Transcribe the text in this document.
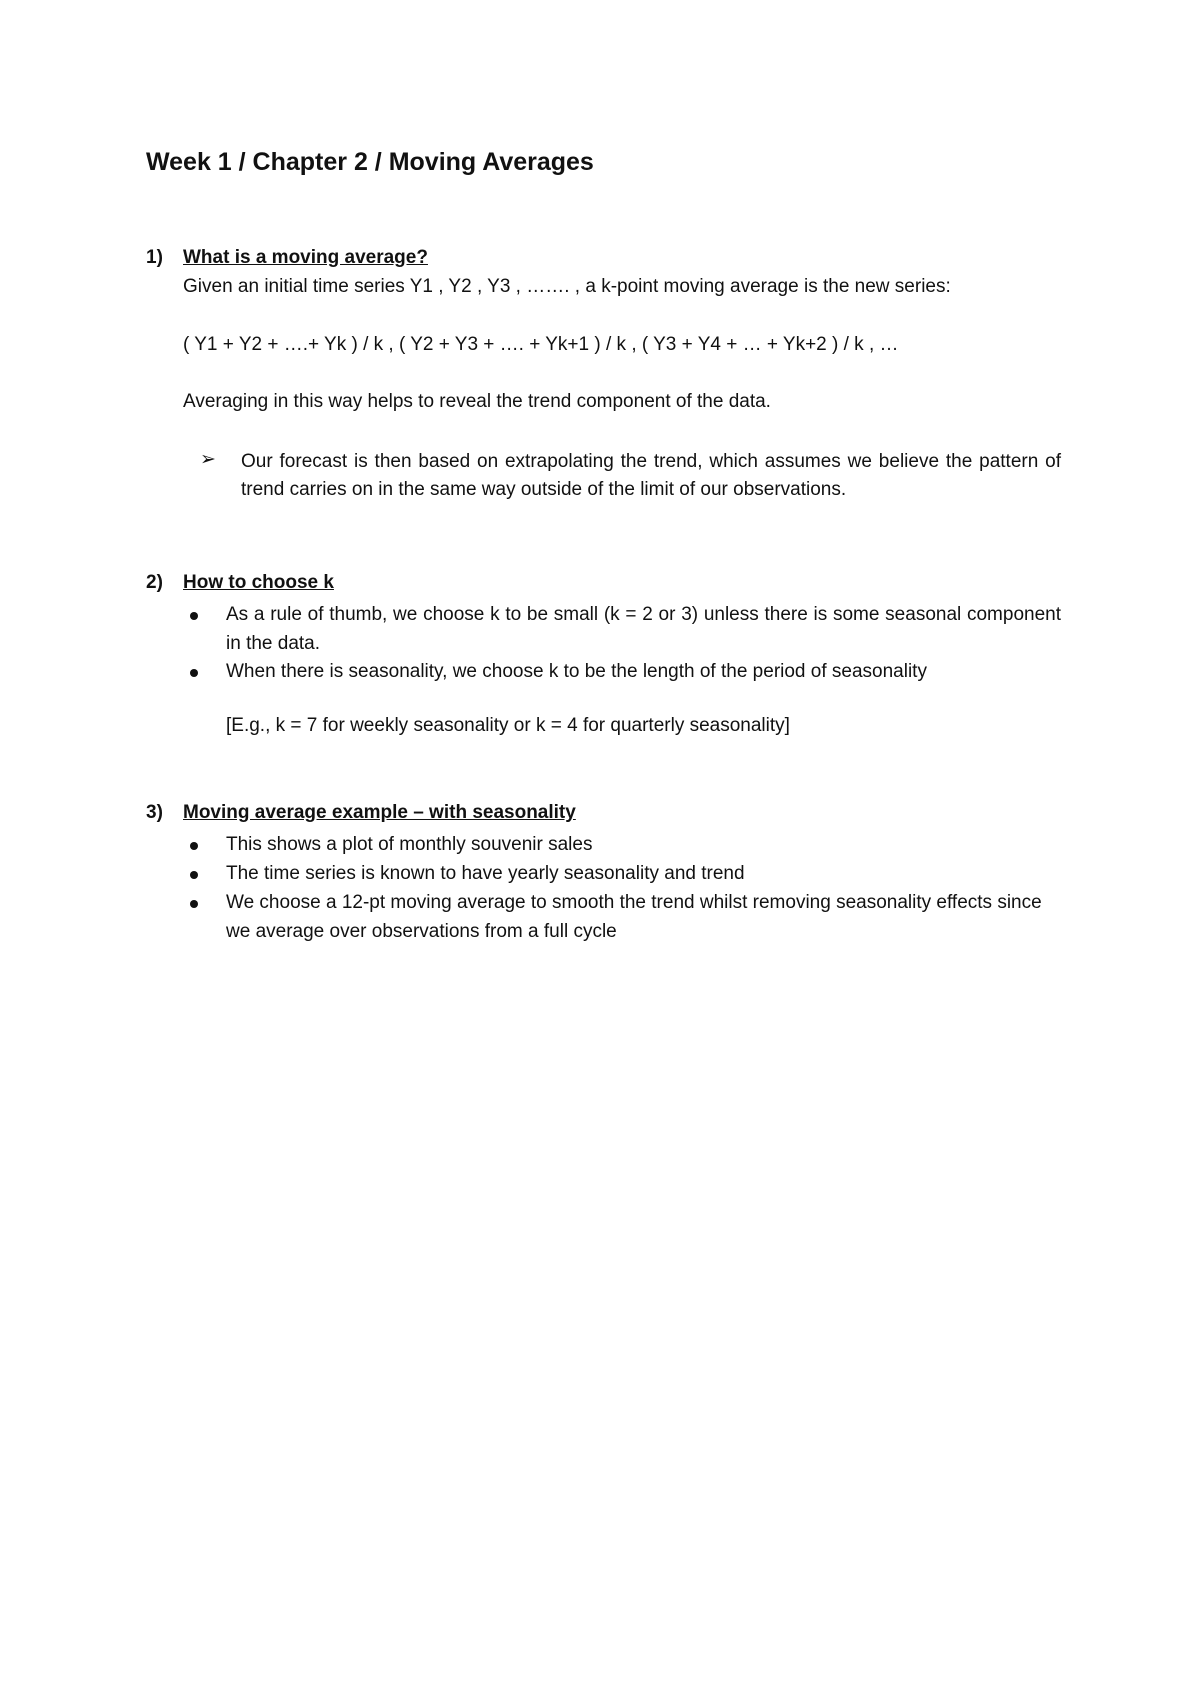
Week 1 / Chapter 2 / Moving Averages
1) What is a moving average?
Given an initial time series Y1 , Y2 , Y3 , ……. , a k-point moving average is the new series:
( Y1 + Y2 + ….+ Yk ) / k , ( Y2 + Y3 + …. + Yk+1 ) / k , ( Y3 + Y4 + … + Yk+2 ) / k , …
Averaging in this way helps to reveal the trend component of the data.
➢ Our forecast is then based on extrapolating the trend, which assumes we believe the pattern of trend carries on in the same way outside of the limit of our observations.
2) How to choose k
As a rule of thumb, we choose k to be small (k = 2 or 3) unless there is some seasonal component in the data.
When there is seasonality, we choose k to be the length of the period of seasonality
[E.g., k = 7 for weekly seasonality or k = 4 for quarterly seasonality]
3) Moving average example – with seasonality
This shows a plot of monthly souvenir sales
The time series is known to have yearly seasonality and trend
We choose a 12-pt moving average to smooth the trend whilst removing seasonality effects since we average over observations from a full cycle
